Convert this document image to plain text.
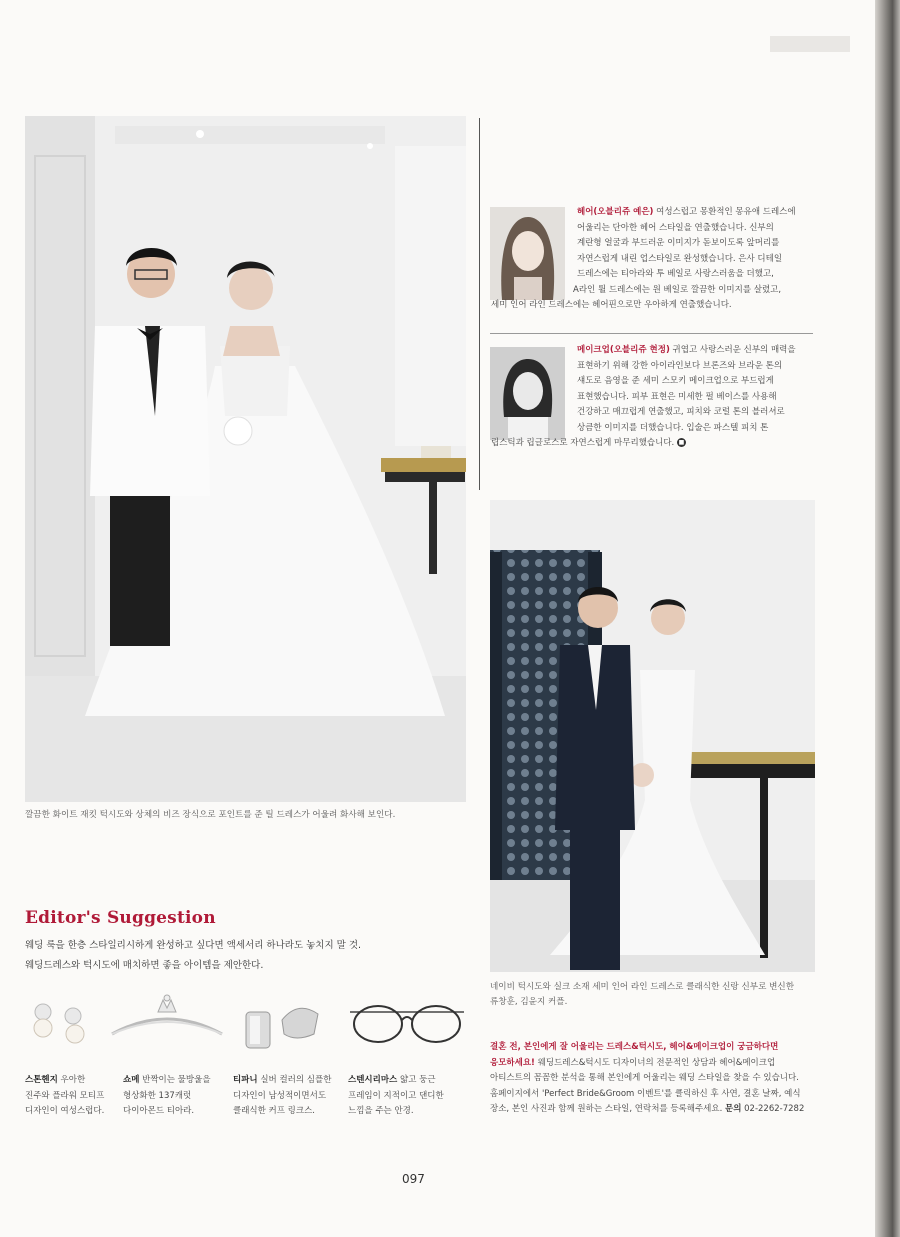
깔끔한 화이트 재킷 턱시도와 상체의 비즈 장식으로 포인트를 준 틸 드레스가 어울려 화사해 보인다.
헤어(오블리쥬 예은) 여성스럽고 몽환적인 몽유애 드레스에
어울리는 단아한 헤어 스타일을 연출했습니다. 신부의
계란형 얼굴과 부드러운 이미지가 돋보이도록 앞머리를
자연스럽게 내린 업스타일로 완성했습니다. 은사 디테일
드레스에는 티아라와 투 베일로 사랑스러움을 더했고,
A라인 튈 드레스에는 원 베일로 깔끔한 이미지를 살렸고,
세미 인어 라인 드레스에는 헤어핀으로만 우아하게 연출했습니다.
메이크업(오블리쥬 현정) 귀엽고 사랑스러운 신부의 매력을
표현하기 위해 강한 아이라인보다 브론즈와 브라운 톤의
섀도로 음영을 준 세미 스모키 메이크업으로 부드럽게
표현했습니다. 피부 표현은 미세한 펄 베이스를 사용해
건강하고 매끄럽게 연출했고, 피치와 코럴 톤의 블러셔로
상큼한 이미지를 더했습니다. 입술은 파스텔 피치 톤
립스틱과 립글로스로 자연스럽게 마무리했습니다. ■
네이비 턱시도와 실크 소재 세미 인어 라인 드레스로 클래식한 신랑 신부로 변신한
류창훈, 김윤지 커플.
Editor's Suggestion
웨딩 룩을 한층 스타일리시하게 완성하고 싶다면 액세서리 하나라도 놓치지 말 것.
웨딩드레스와 턱시도에 매치하면 좋을 아이템을 제안한다.
스톤헨지 우아한
진주와 플라워 모티프
디자인이 여성스럽다.
쇼메 반짝이는 물방울을
형상화한 137캐럿
다이아몬드 티아라.
티파니 실버 컬러의 심플한
디자인이 남성적이면서도
클래식한 커프 링크스.
스텐시리마스 얇고 둥근
프레임이 지적이고 댄디한
느낌을 주는 안경.
결혼 전, 본인에게 잘 어울리는 드레스&턱시도, 헤어&메이크업이 궁금하다면
응모하세요! 웨딩드레스&턱시도 디자이너의 전문적인 상담과 헤어&메이크업
아티스트의 꼼꼼한 분석을 통해 본인에게 어울리는 웨딩 스타일을 찾을 수 있습니다.
홈페이지에서 'Perfect Bride&Groom 이벤트'를 클릭하신 후 사연, 결혼 날짜, 예식
장소, 본인 사진과 함께 원하는 스타일, 연락처를 등록해주세요. 문의 02-2262-7282
097
